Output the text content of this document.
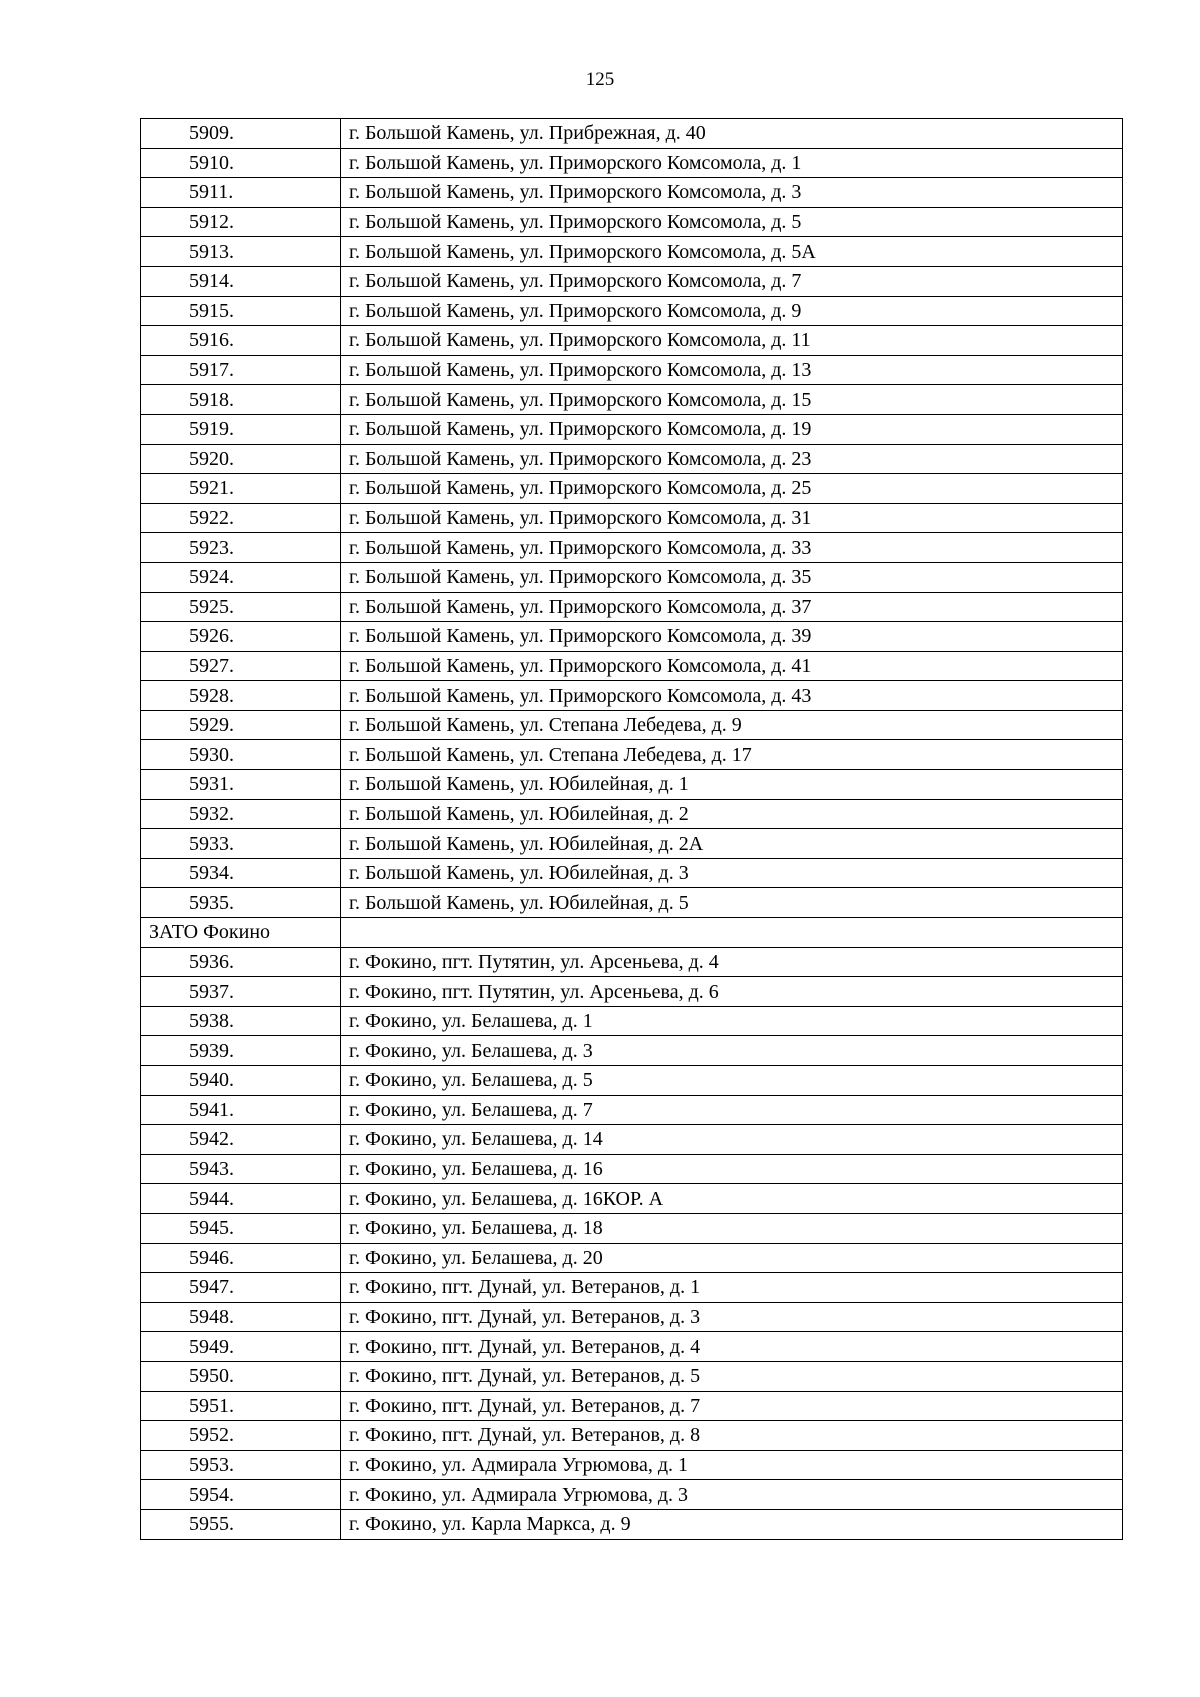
125
5909.	г. Большой Камень, ул. Прибрежная, д. 40
5910.	г. Большой Камень, ул. Приморского Комсомола, д. 1
5911.	г. Большой Камень, ул. Приморского Комсомола, д. 3
5912.	г. Большой Камень, ул. Приморского Комсомола, д. 5
5913.	г. Большой Камень, ул. Приморского Комсомола, д. 5А
5914.	г. Большой Камень, ул. Приморского Комсомола, д. 7
5915.	г. Большой Камень, ул. Приморского Комсомола, д. 9
5916.	г. Большой Камень, ул. Приморского Комсомола, д. 11
5917.	г. Большой Камень, ул. Приморского Комсомола, д. 13
5918.	г. Большой Камень, ул. Приморского Комсомола, д. 15
5919.	г. Большой Камень, ул. Приморского Комсомола, д. 19
5920.	г. Большой Камень, ул. Приморского Комсомола, д. 23
5921.	г. Большой Камень, ул. Приморского Комсомола, д. 25
5922.	г. Большой Камень, ул. Приморского Комсомола, д. 31
5923.	г. Большой Камень, ул. Приморского Комсомола, д. 33
5924.	г. Большой Камень, ул. Приморского Комсомола, д. 35
5925.	г. Большой Камень, ул. Приморского Комсомола, д. 37
5926.	г. Большой Камень, ул. Приморского Комсомола, д. 39
5927.	г. Большой Камень, ул. Приморского Комсомола, д. 41
5928.	г. Большой Камень, ул. Приморского Комсомола, д. 43
5929.	г. Большой Камень, ул. Степана Лебедева, д. 9
5930.	г. Большой Камень, ул. Степана Лебедева, д. 17
5931.	г. Большой Камень, ул. Юбилейная, д. 1
5932.	г. Большой Камень, ул. Юбилейная, д. 2
5933.	г. Большой Камень, ул. Юбилейная, д. 2А
5934.	г. Большой Камень, ул. Юбилейная, д. 3
5935.	г. Большой Камень, ул. Юбилейная, д. 5
ЗАТО Фокино	
5936.	г. Фокино, пгт. Путятин, ул. Арсеньева, д. 4
5937.	г. Фокино, пгт. Путятин, ул. Арсеньева, д. 6
5938.	г. Фокино, ул. Белашева, д. 1
5939.	г. Фокино, ул. Белашева, д. 3
5940.	г. Фокино, ул. Белашева, д. 5
5941.	г. Фокино, ул. Белашева, д. 7
5942.	г. Фокино, ул. Белашева, д. 14
5943.	г. Фокино, ул. Белашева, д. 16
5944.	г. Фокино, ул. Белашева, д. 16КОР. А
5945.	г. Фокино, ул. Белашева, д. 18
5946.	г. Фокино, ул. Белашева, д. 20
5947.	г. Фокино, пгт. Дунай, ул. Ветеранов, д. 1
5948.	г. Фокино, пгт. Дунай, ул. Ветеранов, д. 3
5949.	г. Фокино, пгт. Дунай, ул. Ветеранов, д. 4
5950.	г. Фокино, пгт. Дунай, ул. Ветеранов, д. 5
5951.	г. Фокино, пгт. Дунай, ул. Ветеранов, д. 7
5952.	г. Фокино, пгт. Дунай, ул. Ветеранов, д. 8
5953.	г. Фокино, ул. Адмирала Угрюмова, д. 1
5954.	г. Фокино, ул. Адмирала Угрюмова, д. 3
5955.	г. Фокино, ул. Карла Маркса, д. 9
